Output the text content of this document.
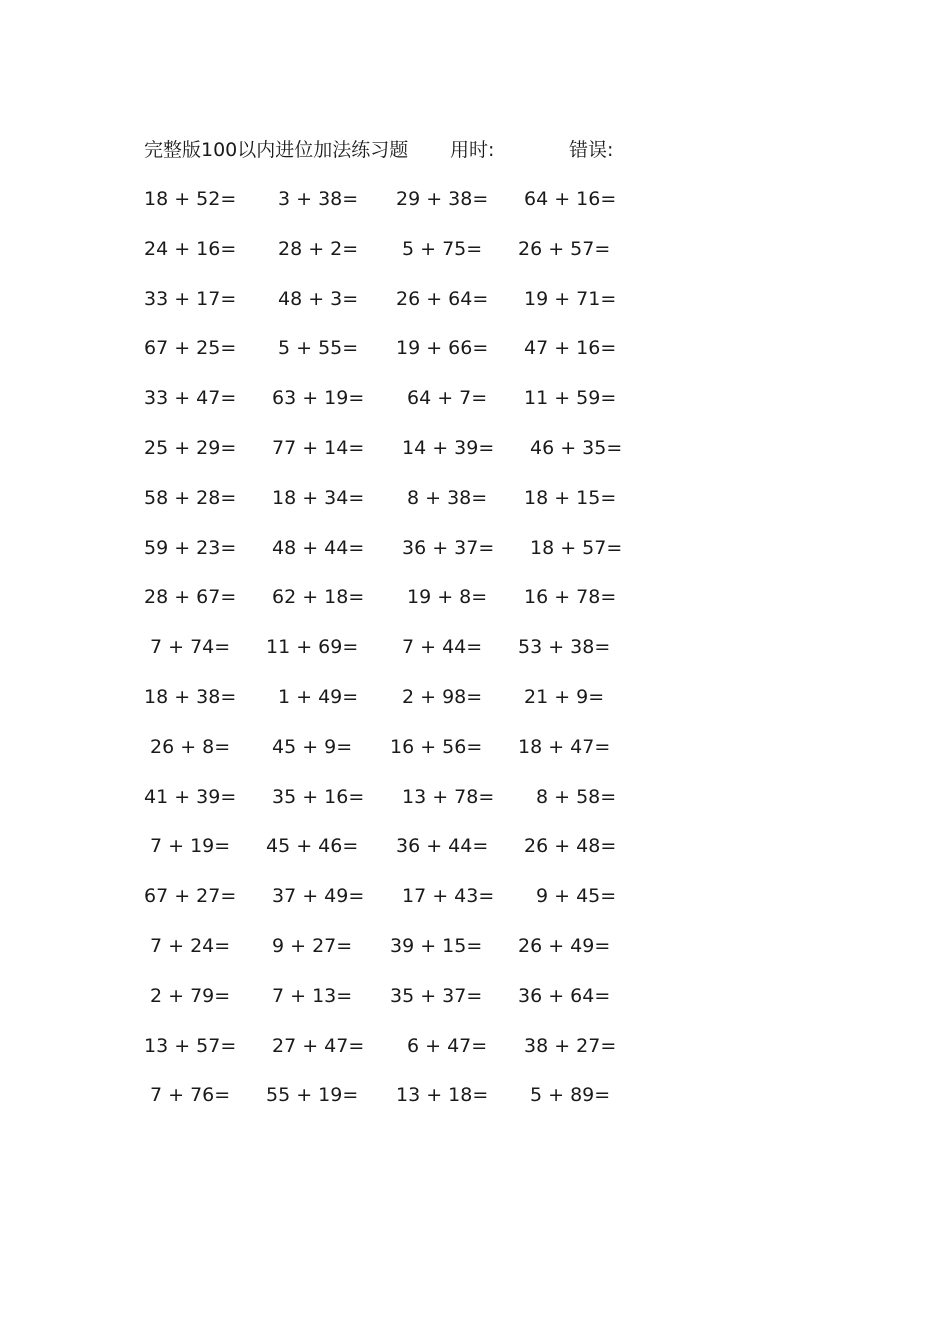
完整版100以内进位加法练习题 用时:	错误:
18 + 52= 3 + 38= 29 + 38= 64 + 16=
24 + 16= 28 + 2= 5 + 75= 26 + 57=
33 + 17= 48 + 3= 26 + 64= 19 + 71=
67 + 25= 5 + 55= 19 + 66= 47 + 16=
33 + 47= 63 + 19= 64 + 7= 11 + 59=
25 + 29= 77 + 14= 14 + 39= 46 + 35=
58 + 28= 18 + 34= 8 + 38= 18 + 15=
59 + 23= 48 + 44= 36 + 37= 18 + 57=
28 + 67= 62 + 18= 19 + 8= 16 + 78=
7 + 74= 11 + 69= 7 + 44= 53 + 38=
18 + 38= 1 + 49= 2 + 98= 21 + 9=
26 + 8= 45 + 9= 16 + 56= 18 + 47=
41 + 39= 35 + 16= 13 + 78= 8 + 58=
7 + 19= 45 + 46= 36 + 44= 26 + 48=
67 + 27= 37 + 49= 17 + 43= 9 + 45=
7 + 24= 9 + 27= 39 + 15= 26 + 49=
2 + 79= 7 + 13= 35 + 37= 36 + 64=
13 + 57= 27 + 47= 6 + 47= 38 + 27=
7 + 76= 55 + 19= 13 + 18= 5 + 89=
